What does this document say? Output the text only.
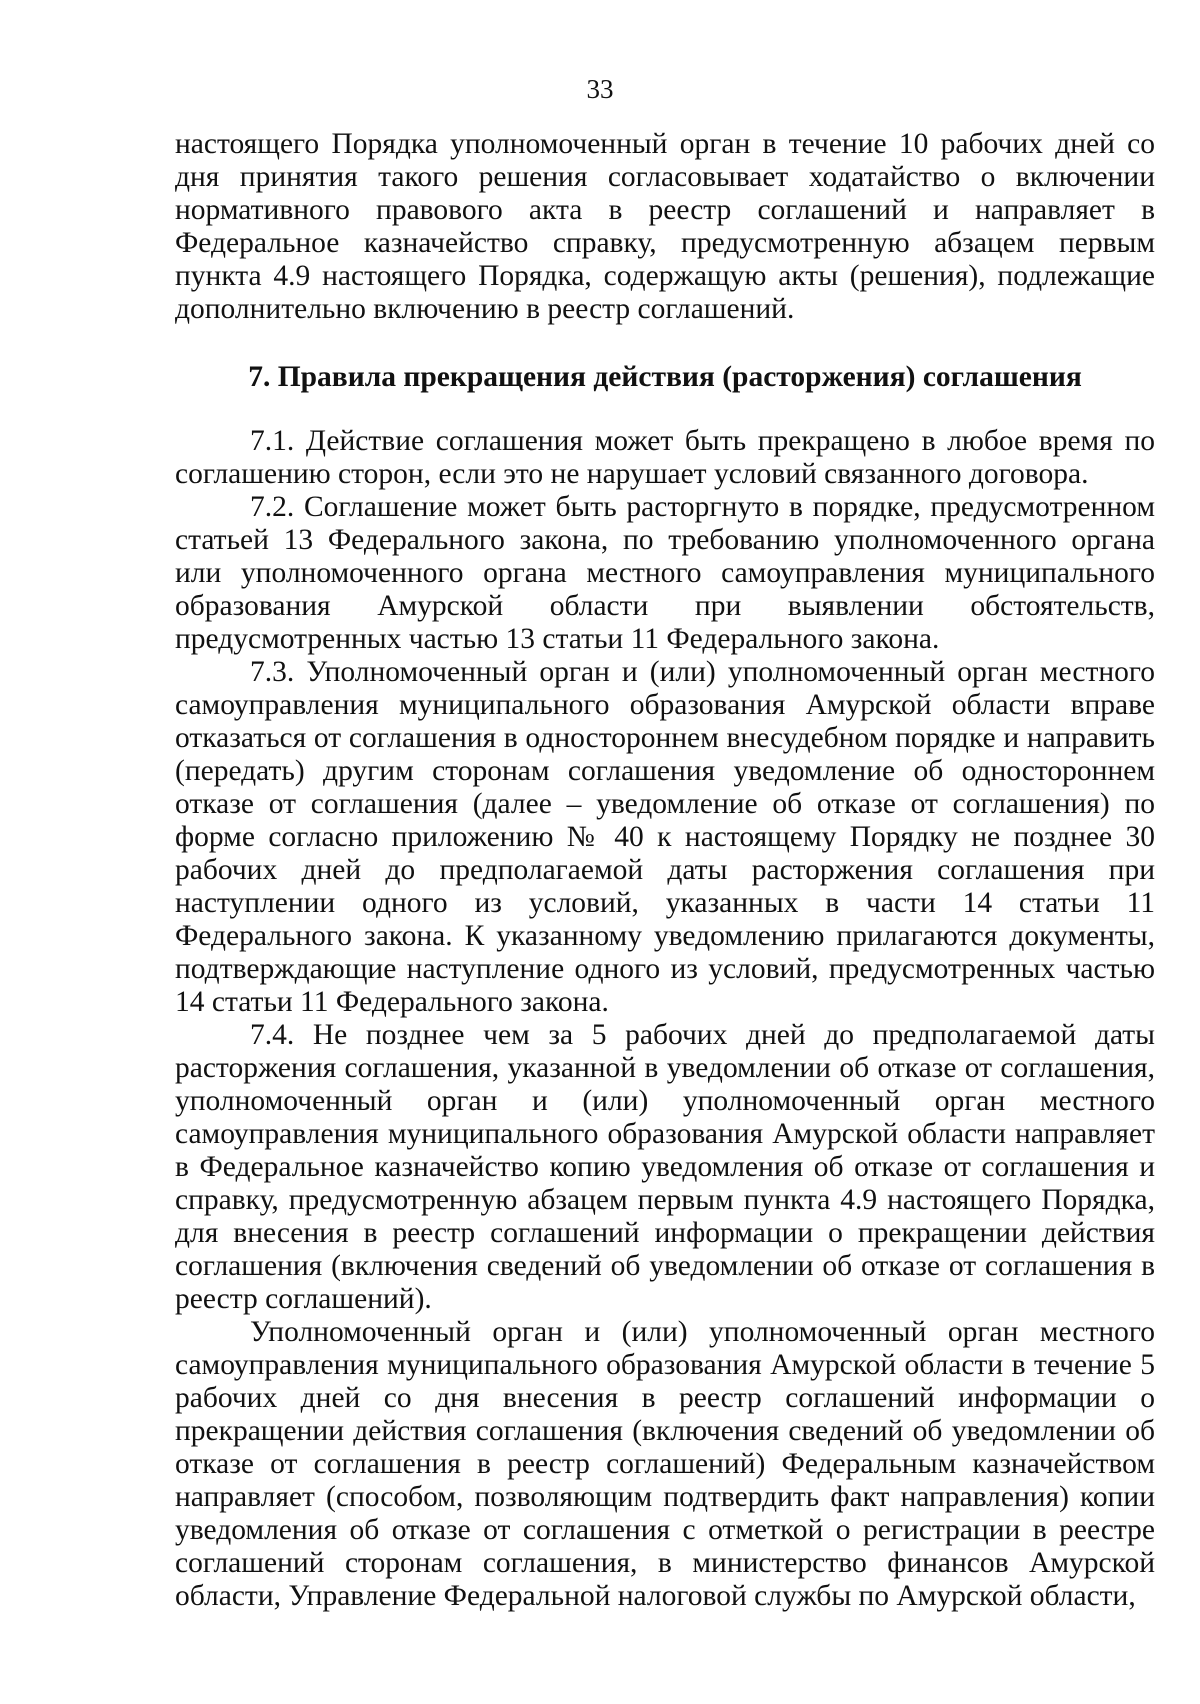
33

настоящего Порядка уполномоченный орган в течение 10 рабочих дней со дня принятия такого решения согласовывает ходатайство о включении нормативного правового акта в реестр соглашений и направляет в Федеральное казначейство справку, предусмотренную абзацем первым пункта 4.9 настоящего Порядка, содержащую акты (решения), подлежащие дополнительно включению в реестр соглашений.

7. Правила прекращения действия (расторжения) соглашения

7.1. Действие соглашения может быть прекращено в любое время по соглашению сторон, если это не нарушает условий связанного договора.

7.2. Соглашение может быть расторгнуто в порядке, предусмотренном статьей 13 Федерального закона, по требованию уполномоченного органа или уполномоченного органа местного самоуправления муниципального образования Амурской области при выявлении обстоятельств, предусмотренных частью 13 статьи 11 Федерального закона.

7.3. Уполномоченный орган и (или) уполномоченный орган местного самоуправления муниципального образования Амурской области вправе отказаться от соглашения в одностороннем внесудебном порядке и направить (передать) другим сторонам соглашения уведомление об одностороннем отказе от соглашения (далее – уведомление об отказе от соглашения) по форме согласно приложению № 40 к настоящему Порядку не позднее 30 рабочих дней до предполагаемой даты расторжения соглашения при наступлении одного из условий, указанных в части 14 статьи 11 Федерального закона. К указанному уведомлению прилагаются документы, подтверждающие наступление одного из условий, предусмотренных частью 14 статьи 11 Федерального закона.

7.4. Не позднее чем за 5 рабочих дней до предполагаемой даты расторжения соглашения, указанной в уведомлении об отказе от соглашения, уполномоченный орган и (или) уполномоченный орган местного самоуправления муниципального образования Амурской области направляет в Федеральное казначейство копию уведомления об отказе от соглашения и справку, предусмотренную абзацем первым пункта 4.9 настоящего Порядка, для внесения в реестр соглашений информации о прекращении действия соглашения (включения сведений об уведомлении об отказе от соглашения в реестр соглашений).

Уполномоченный орган и (или) уполномоченный орган местного самоуправления муниципального образования Амурской области в течение 5 рабочих дней со дня внесения в реестр соглашений информации о прекращении действия соглашения (включения сведений об уведомлении об отказе от соглашения в реестр соглашений) Федеральным казначейством направляет (способом, позволяющим подтвердить факт направления) копии уведомления об отказе от соглашения с отметкой о регистрации в реестре соглашений сторонам соглашения, в министерство финансов Амурской области, Управление Федеральной налоговой службы по Амурской области,
